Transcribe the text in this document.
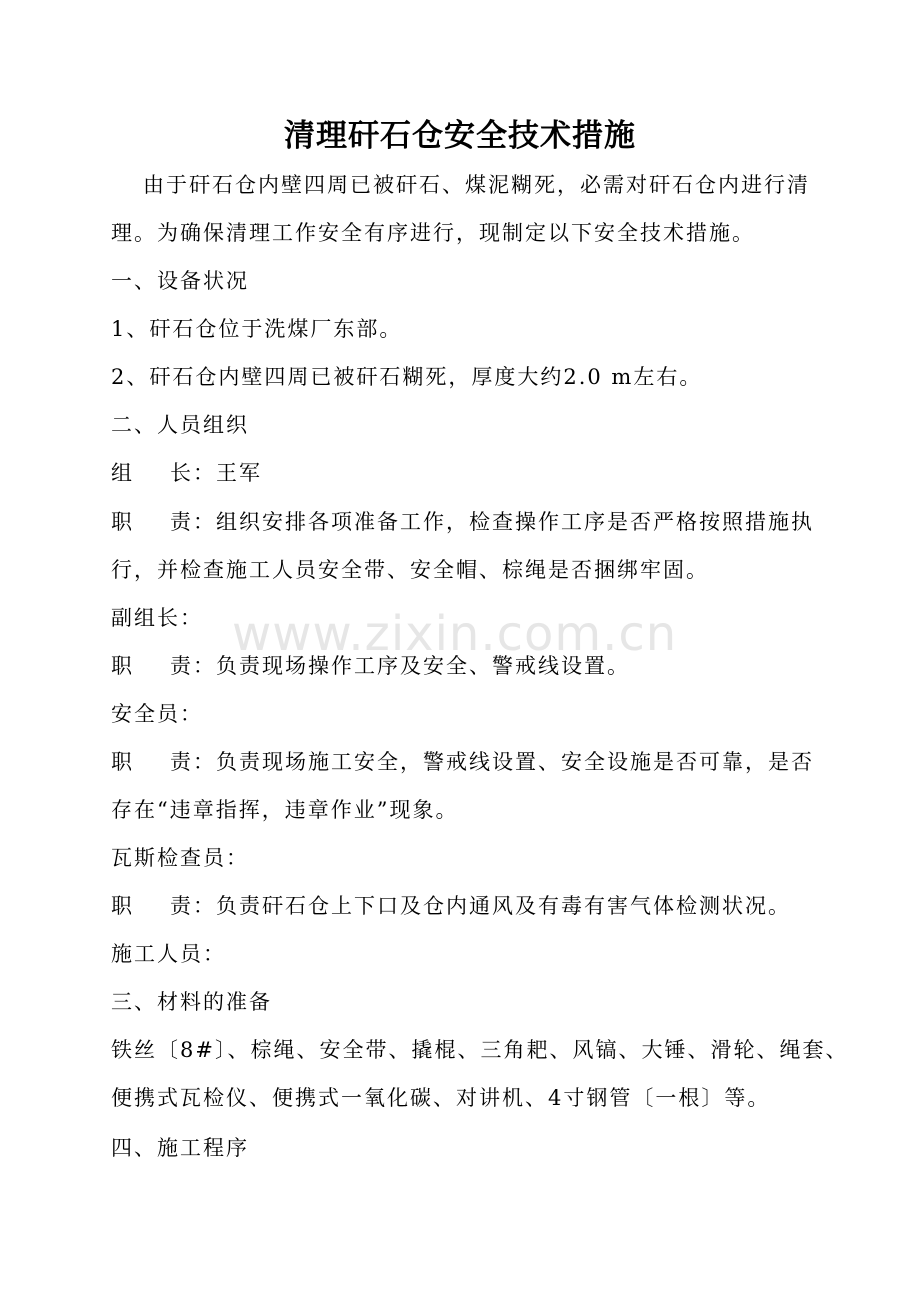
清理矸石仓安全技术措施
由于矸石仓内壁四周已被矸石、煤泥糊死，必需对矸石仓内进行清
理。为确保清理工作安全有序进行，现制定以下安全技术措施。
一、设备状况
1、矸石仓位于洗煤厂东部。
2、矸石仓内壁四周已被矸石糊死，厚度大约2.0 m左右。
二、人员组织
组 长：王军
职 责：组织安排各项准备工作，检查操作工序是否严格按照措施执
行，并检查施工人员安全带、安全帽、棕绳是否捆绑牢固。
副组长：
职 责：负责现场操作工序及安全、警戒线设置。
安全员：
职 责：负责现场施工安全，警戒线设置、安全设施是否可靠，是否
存在“违章指挥，违章作业”现象。
瓦斯检查员：
职 责：负责矸石仓上下口及仓内通风及有毒有害气体检测状况。
施工人员：
三、材料的准备
铁丝〔8#〕、棕绳、安全带、撬棍、三角耙、风镐、大锤、滑轮、绳套、
便携式瓦检仪、便携式一氧化碳、对讲机、4寸钢管〔一根〕等。
四、施工程序
www.zixin.com.cn
